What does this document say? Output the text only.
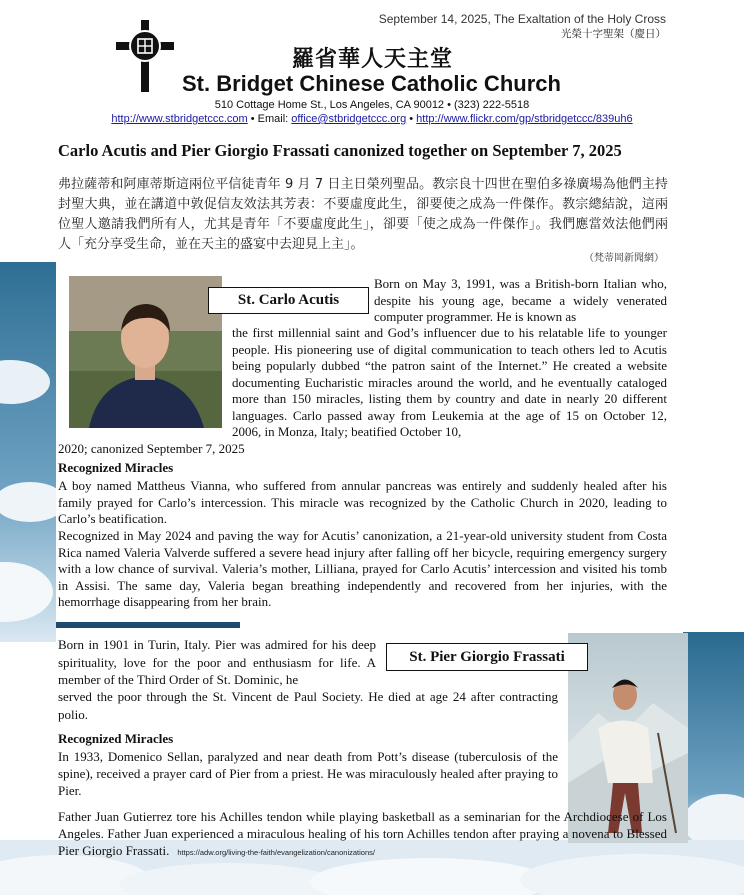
September 14, 2025, The Exaltation of the Holy Cross
光榮十字聖架（慶日）
羅省華人天主堂
St. Bridget Chinese Catholic Church
510 Cottage Home St., Los Angeles, CA 90012 • (323) 222-5518
http://www.stbridgetccc.com • Email: office@stbridgetccc.org • http://www.flickr.com/gp/stbridgetccc/839uh6
Carlo Acutis and Pier Giorgio Frassati canonized together on September 7, 2025
弗拉薩蒂和阿庫蒂斯這兩位平信徒青年 9 月 7 日主日榮列聖品。教宗良十四世在聖伯多祿廣場為他們主持封聖大典，並在講道中敦促信友效法其芳表：不要虛度此生，卻要使之成為一件傑作。教宗總結說，這兩位聖人邀請我們所有人，尤其是青年「不要虛度此生」，卻要「使之成為一件傑作」。我們應當效法他們兩人「充分享受生命，並在天主的盛宴中去迎見上主」。
（梵蒂岡新聞網）
St. Carlo Acutis
Born on May 3, 1991, was a British-born Italian who, despite his young age, became a widely venerated computer programmer. He is known as
the first millennial saint and God’s influencer due to his relatable life to younger people. His pioneering use of digital communication to teach others led to Acutis being popularly dubbed “the patron saint of the Internet.” He created a website documenting Eucharistic miracles around the world, and he eventually cataloged more than 150 miracles, listing them by country and date in nearly 20 different languages. Carlo passed away from Leukemia at the age of 15 on October 12, 2006, in Monza, Italy; beatified October 10,
2020; canonized September 7, 2025
Recognized Miracles
A boy named Mattheus Vianna, who suffered from annular pancreas was entirely and suddenly healed after his family prayed for Carlo’s intercession. This miracle was recognized by the Catholic Church in 2020, leading to Carlo’s beatification.
Recognized in May 2024 and paving the way for Acutis’ canonization, a 21-year-old university student from Costa Rica named Valeria Valverde suffered a severe head injury after falling off her bicycle, requiring emergency surgery with a low chance of survival. Valeria’s mother, Lilliana, prayed for Carlo Acutis’ intercession and visited his tomb in Assisi. The same day, Valeria began breathing independently and recovered from her injuries, with the hemorrhage disappearing from her brain.
St. Pier Giorgio Frassati
Born in 1901 in Turin, Italy. Pier was admired for his deep spirituality, love for the poor and enthusiasm for life. A member of the Third Order of St. Dominic, he
served the poor through the St. Vincent de Paul Society. He died at age 24 after contracting polio.
Recognized Miracles
In 1933, Domenico Sellan, paralyzed and near death from Pott’s disease (tuberculosis of the spine), received a prayer card of Pier from a priest. He was miraculously healed after praying to Pier.
Father Juan Gutierrez tore his Achilles tendon while playing basketball as a seminarian for the Archdiocese of Los Angeles. Father Juan experienced a miraculous healing of his torn Achilles tendon after praying a novena to Blessed Pier Giorgio Frassati. https://adw.org/living-the-faith/evangelization/canonizations/
